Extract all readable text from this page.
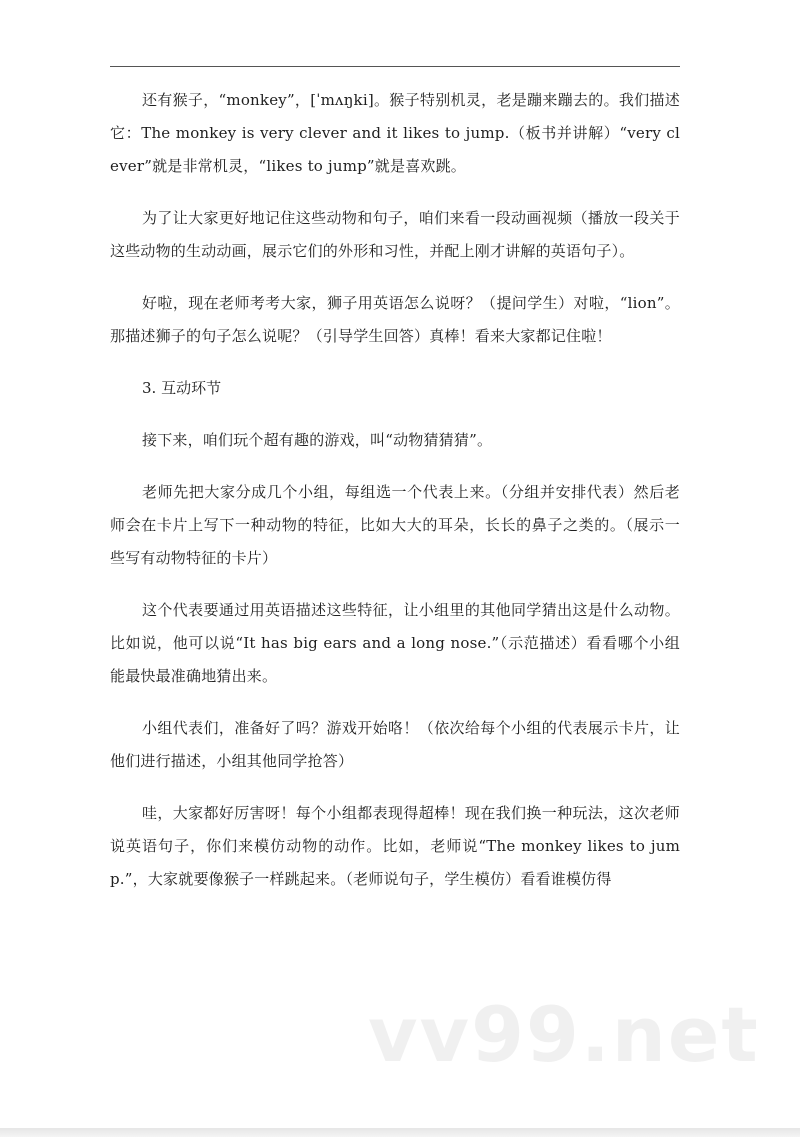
还有猴子，“monkey”，[ˈmʌŋki]。猴子特别机灵，老是蹦来蹦去的。我们描述它：The monkey is very clever and it likes to jump.（板书并讲解）“very clever”就是非常机灵，“likes to jump”就是喜欢跳。

为了让大家更好地记住这些动物和句子，咱们来看一段动画视频（播放一段关于这些动物的生动动画，展示它们的外形和习性，并配上刚才讲解的英语句子）。

好啦，现在老师考考大家，狮子用英语怎么说呀？（提问学生）对啦，“lion”。那描述狮子的句子怎么说呢？（引导学生回答）真棒！看来大家都记住啦！

3. 互动环节

接下来，咱们玩个超有趣的游戏，叫“动物猜猜猜”。

老师先把大家分成几个小组，每组选一个代表上来。（分组并安排代表）然后老师会在卡片上写下一种动物的特征，比如大大的耳朵，长长的鼻子之类的。（展示一些写有动物特征的卡片）

这个代表要通过用英语描述这些特征，让小组里的其他同学猜出这是什么动物。比如说，他可以说“It has big ears and a long nose.”（示范描述）看看哪个小组能最快最准确地猜出来。

小组代表们，准备好了吗？游戏开始咯！（依次给每个小组的代表展示卡片，让他们进行描述，小组其他同学抢答）

哇，大家都好厉害呀！每个小组都表现得超棒！现在我们换一种玩法，这次老师说英语句子，你们来模仿动物的动作。比如，老师说“The monkey likes to jump.”，大家就要像猴子一样跳起来。（老师说句子，学生模仿）看看谁模仿得

vv99.net
